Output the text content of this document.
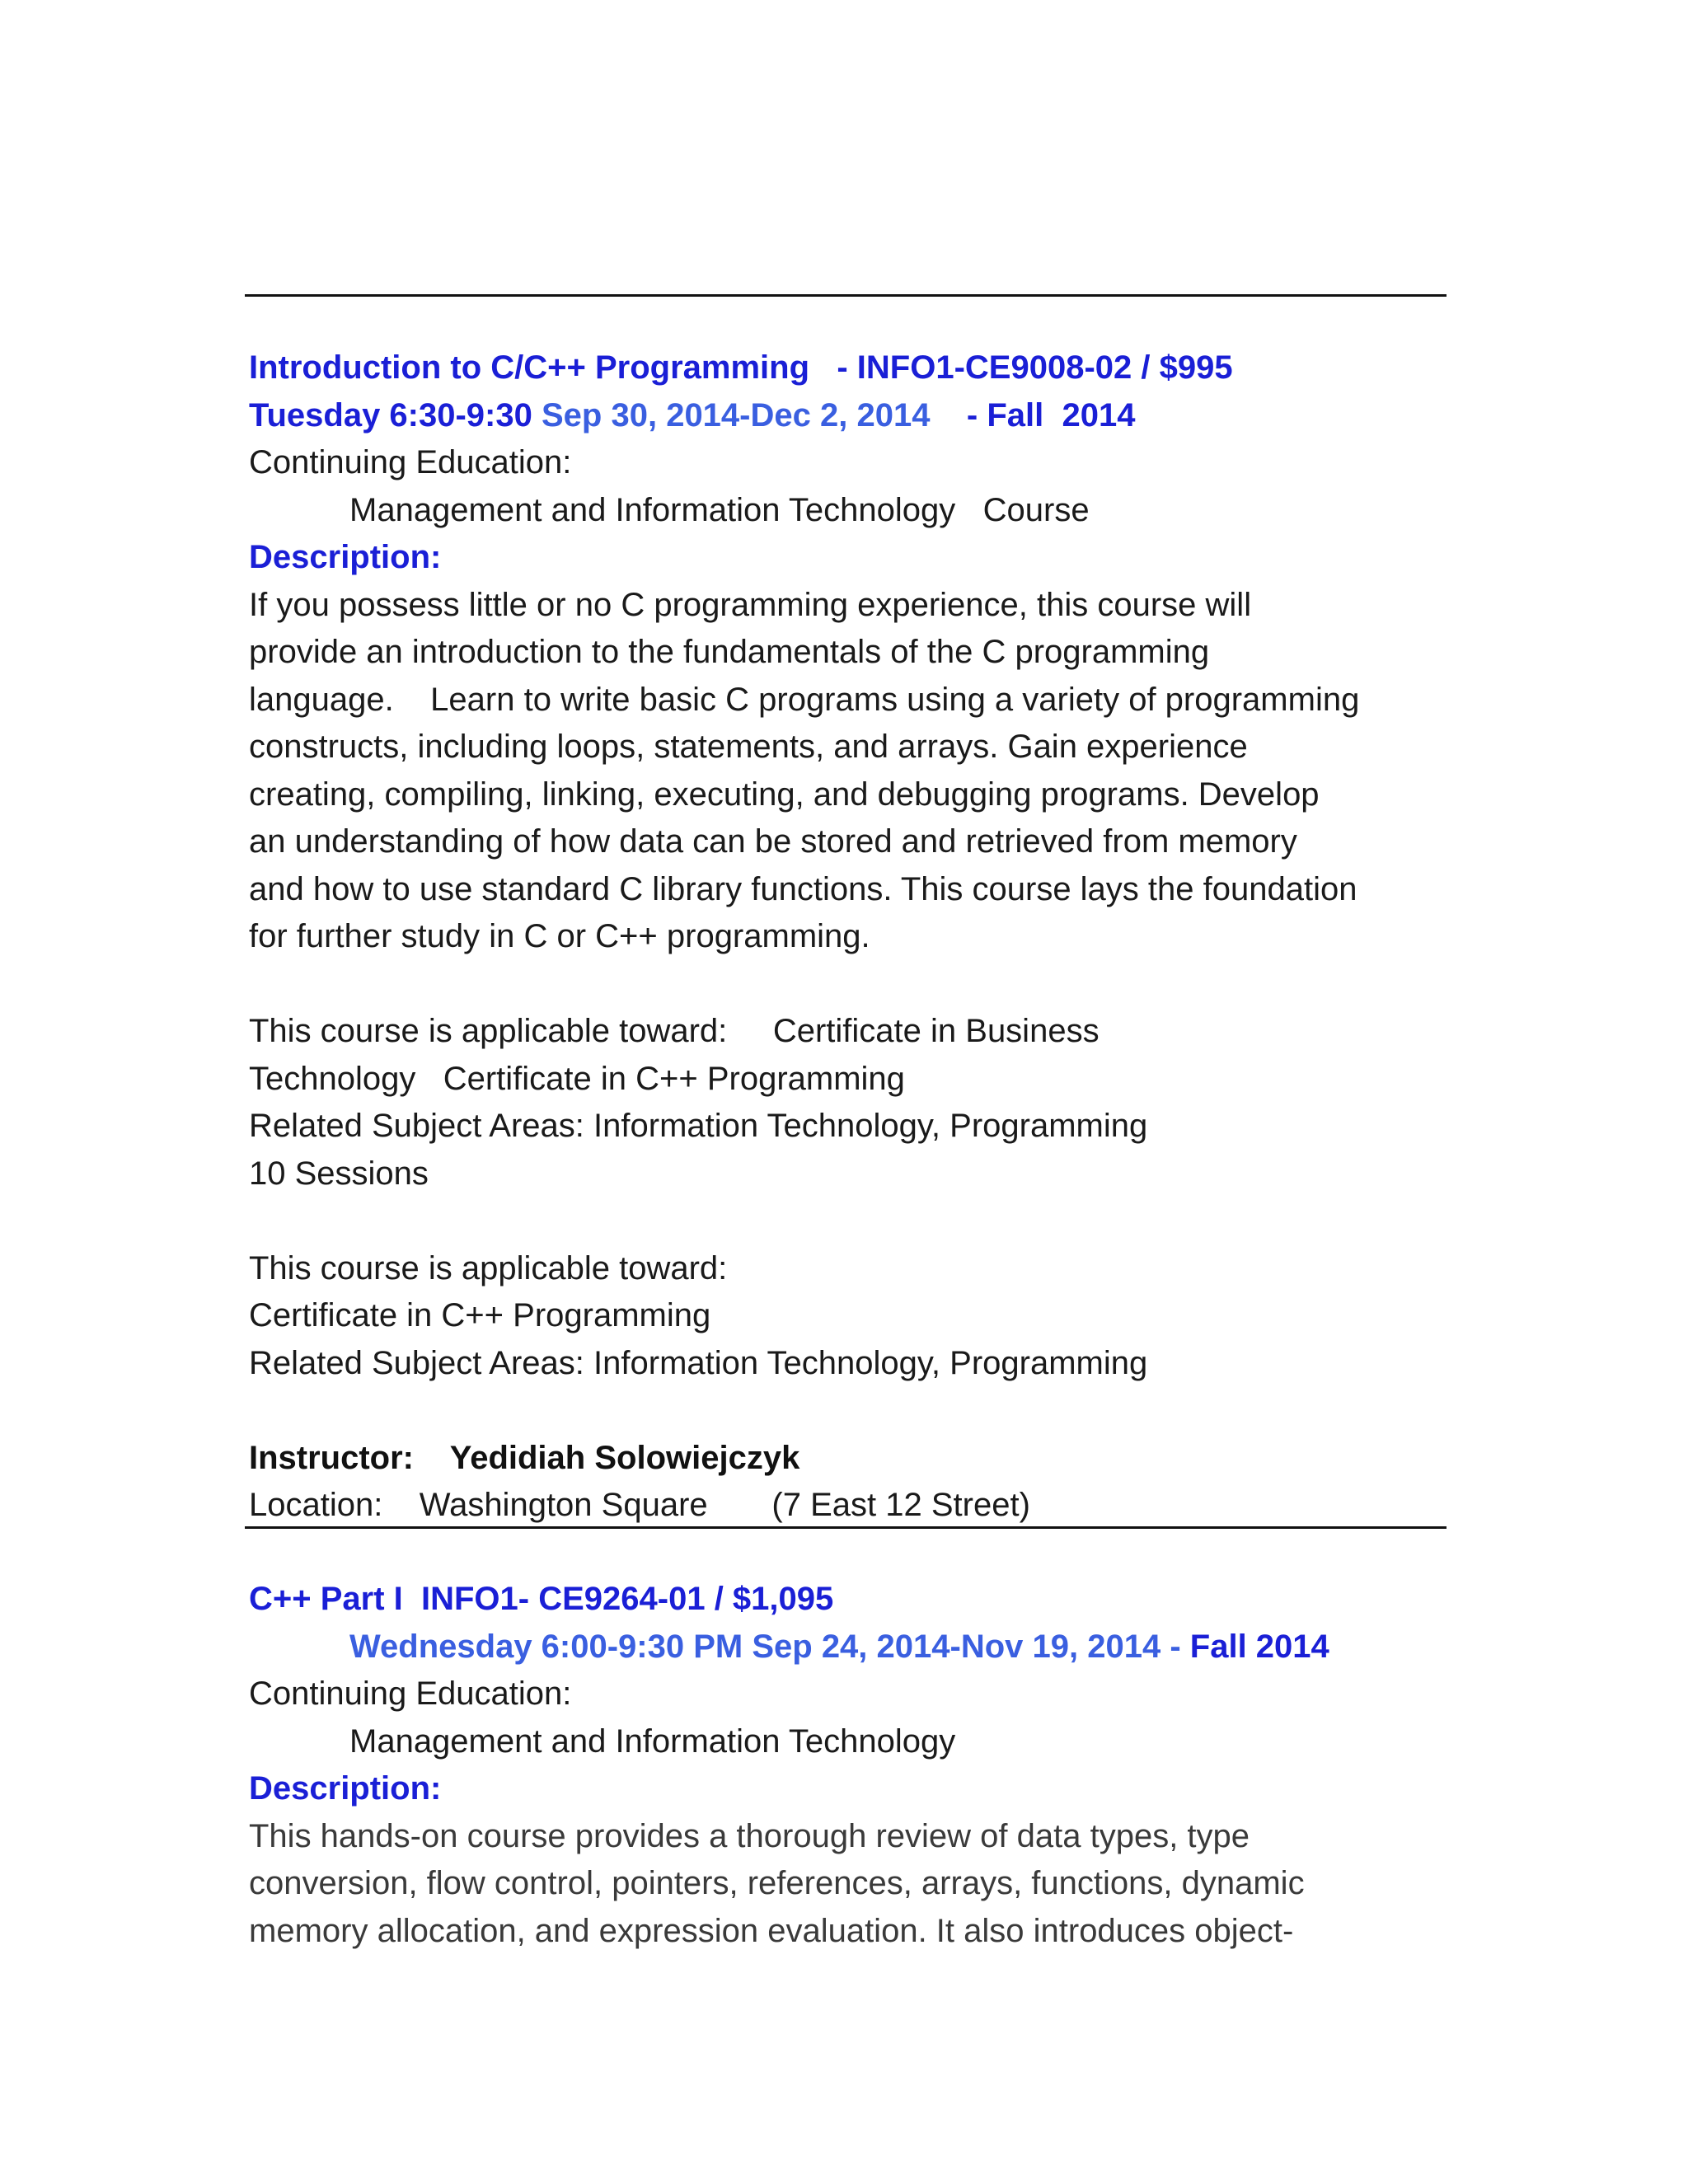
Introduction to C/C++ Programming - INFO1-CE9008-02 / $995
Tuesday 6:30-9:30 Sep 30, 2014-Dec 2, 2014 - Fall  2014
Continuing Education:
Management and Information Technology   Course
Description:
If you possess little or no C programming experience, this course will
provide an introduction to the fundamentals of the C programming
language.    Learn to write basic C programs using a variety of programming
constructs, including loops, statements, and arrays. Gain experience
creating, compiling, linking, executing, and debugging programs. Develop
an understanding of how data can be stored and retrieved from memory
and how to use standard C library functions. This course lays the foundation
for further study in C or C++ programming.
This course is applicable toward:     Certificate in Business
Technology   Certificate in C++ Programming
Related Subject Areas: Information Technology, Programming
10 Sessions
This course is applicable toward:
Certificate in C++ Programming
Related Subject Areas: Information Technology, Programming
Instructor: Yedidiah Solowiejczyk
Location: Washington Square       (7 East 12 Street)
C++ Part I  INFO1- CE9264-01 / $1,095
Wednesday 6:00-9:30 PM Sep 24, 2014-Nov 19, 2014 - Fall 2014
Continuing Education:
Management and Information Technology
Description:
This hands-on course provides a thorough review of data types, type
conversion, flow control, pointers, references, arrays, functions, dynamic
memory allocation, and expression evaluation. It also introduces object-
